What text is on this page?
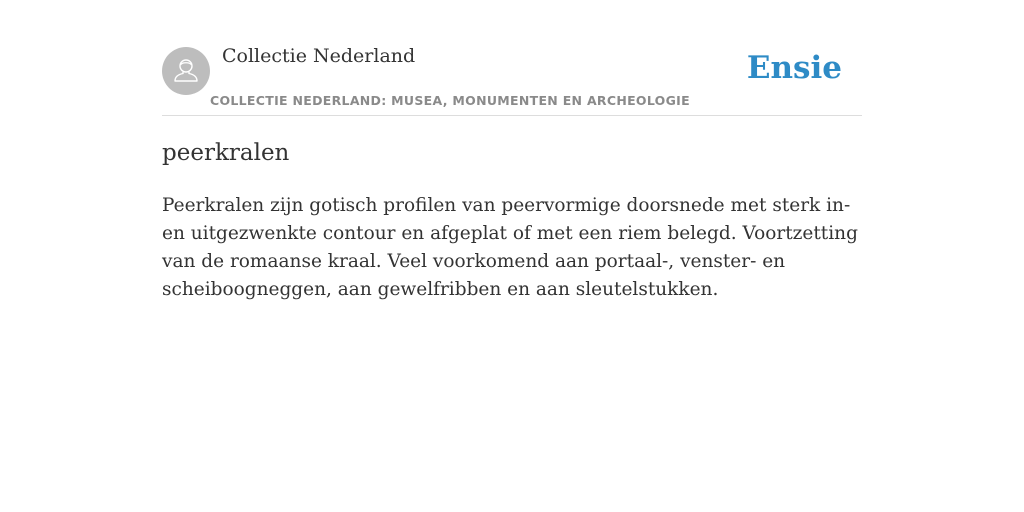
Collectie Nederland
COLLECTIE NEDERLAND: MUSEA, MONUMENTEN EN ARCHEOLOGIE
Ensie
peerkralen

Peerkralen zijn gotisch profilen van peervormige doorsnede met sterk in- en uitgezwenkte contour en afgeplat of met een riem belegd. Voortzetting van de romaanse kraal. Veel voorkomend aan portaal-, venster- en scheiboogneggen, aan gewelfribben en aan sleutelstukken.
